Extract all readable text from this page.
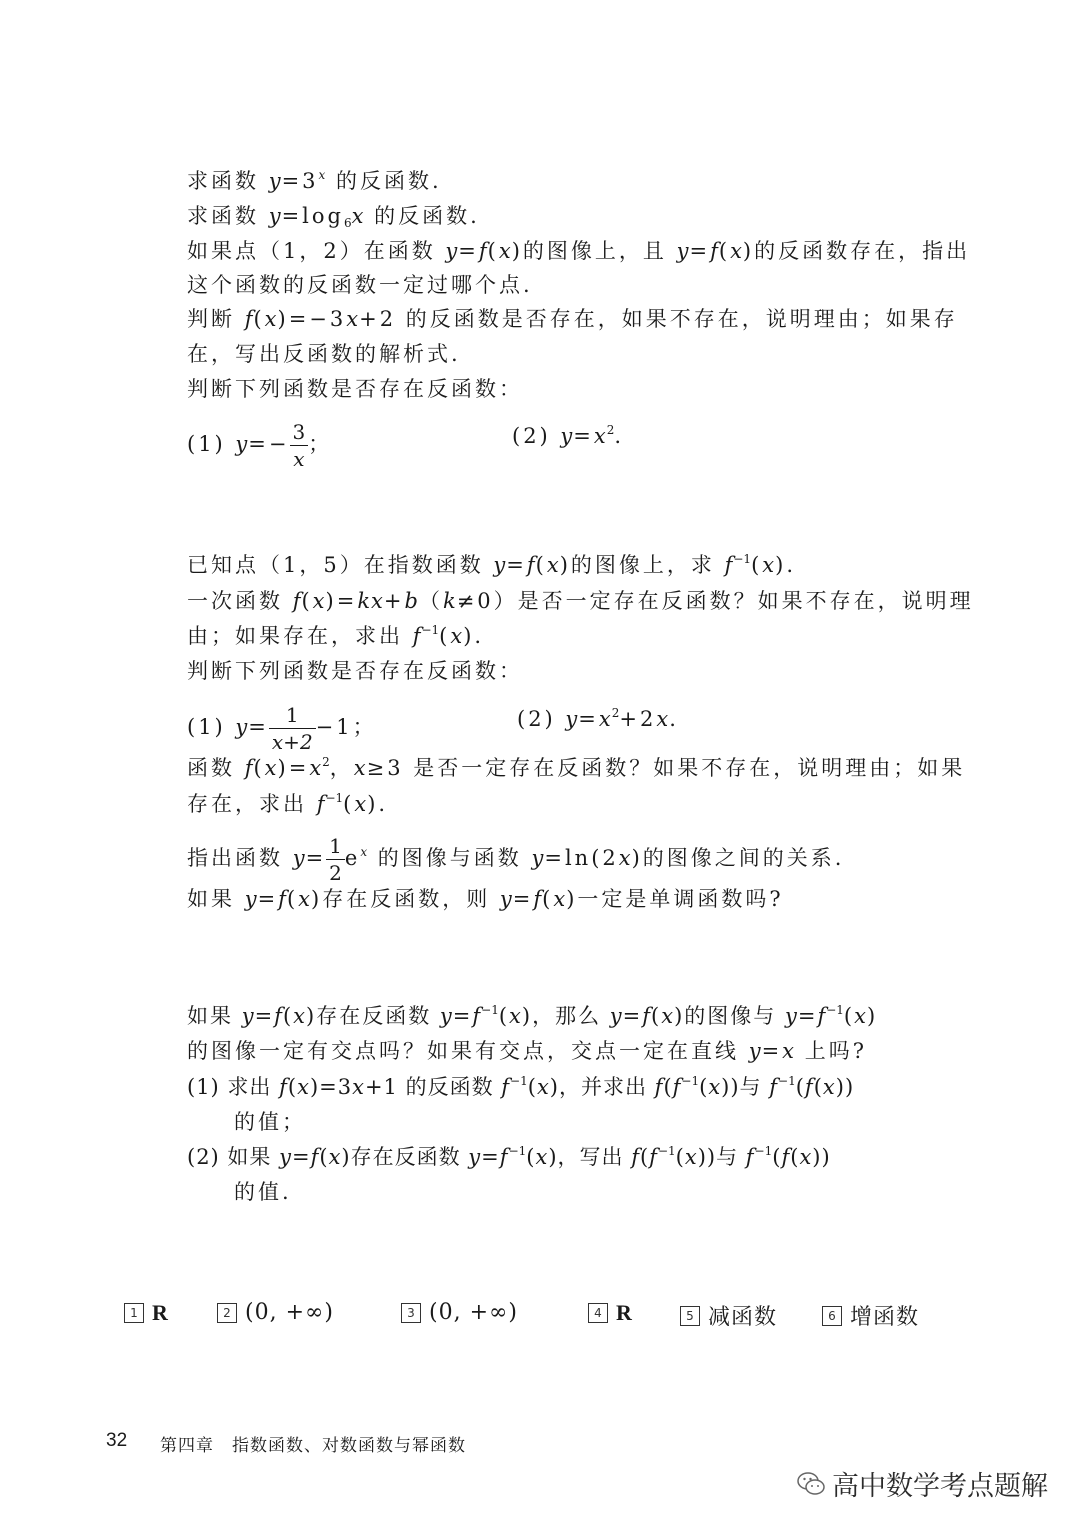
求函数 $y=3^x$ 的反函数.
求函数 $y=\log_6x$ 的反函数.
如果点（1，2）在函数 y=f(x)的图像上，且 y=f(x)的反函数存在，指出
这个函数的反函数一定过哪个点.
判断 f(x)=−3x+2 的反函数是否存在，如果不存在，说明理由；如果存
在，写出反函数的解析式.
判断下列函数是否存在反函数：
(1) $y=- \frac{3}{x}$ ；	(2) $y=x^2$.
已知点（1，5）在指数函数 y=f(x)的图像上，求 $f^{-1}(x)$.
一次函数 f(x)=kx+b（k≠0）是否一定存在反函数？如果不存在，说明理
由；如果存在，求出 $f^{-1}(x)$.
判断下列函数是否存在反函数：
(1) $y= \frac{1}{x+2} -1$；	(2) $y=x^2+2x$.
函数 $f(x)=x^2$，x≥3 是否一定存在反函数？如果不存在，说明理由；如果
存在，求出 $f^{-1}(x)$.
指出函数 $y= \frac{1}{2} e^x$ 的图像与函数 y=ln(2x)的图像之间的关系.
如果 y=f(x)存在反函数，则 y=f(x)一定是单调函数吗?
如果 y=f(x)存在反函数 $y=f^{-1}(x)$，那么 y=f(x)的图像与 $y=f^{-1}(x)$
的图像一定有交点吗？如果有交点，交点一定在直线 y=x 上吗?
(1) 求出 f(x)=3x+1 的反函数 $f^{-1}(x)$，并求出 $f(f^{-1}(x))$与 $f^{-1}(f(x))$
的值；
(2) 如果 y=f(x)存在反函数 $y=f^{-1}(x)$，写出 $f(f^{-1}(x))$与 $f^{-1}(f(x))$
的值.
1 R	2 (0, +∞)	3 (0, +∞)	4 R	5 减函数	6 增函数
32 第四章　指数函数、对数函数与幂函数
高中数学考点题解
